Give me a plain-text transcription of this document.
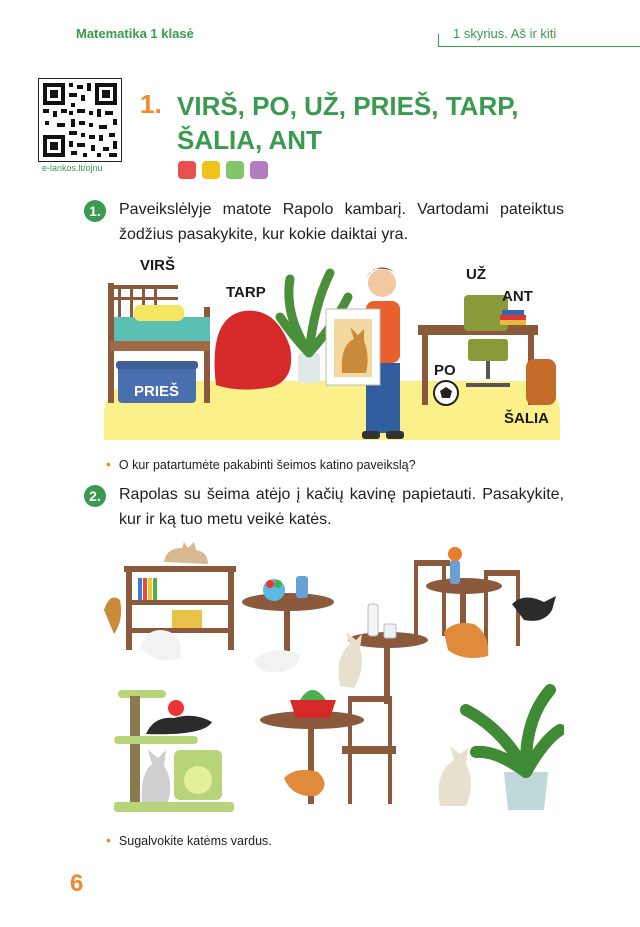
Matematika 1 klasė	1 skyrius. Aš ir kiti
e-lankos.lt/ojnu
1. VIRŠ, PO, UŽ, PRIEŠ, TARP, ŠALIA, ANT
1.	Paveikslėlyje matote Rapolo kambarį. Vartodami pateiktus žodžius pasakykite, kur kokie daiktai yra.
VIRŠ
TARP
UŽ
ANT
PO
PRIEŠ
ŠALIA
• O kur patartumėte pakabinti šeimos katino paveikslą?
2.	Rapolas su šeima atėjo į kačių kavinę papietauti. Pasakykite, kur ir ką tuo metu veikė katės.
• Sugalvokite katėms vardus.
6
